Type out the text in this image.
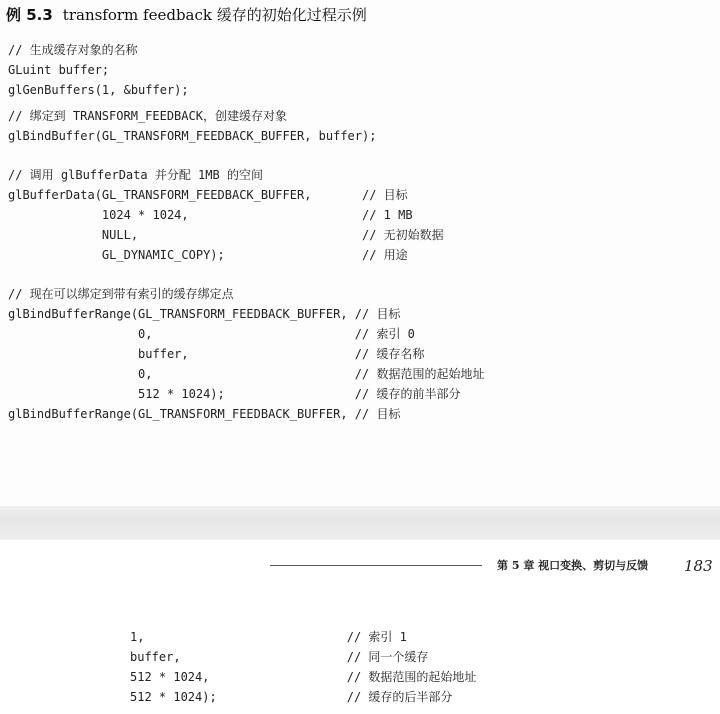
例 5.3 transform feedback 缓存的初始化过程示例
// 生成缓存对象的名称
GLuint buffer;
glGenBuffers(1, &buffer);
// 绑定到 TRANSFORM_FEEDBACK，创建缓存对象
glBindBuffer(GL_TRANSFORM_FEEDBACK_BUFFER, buffer);
// 调用 glBufferData 并分配 1MB 的空间
glBufferData(GL_TRANSFORM_FEEDBACK_BUFFER,       // 目标
1024 * 1024,                        // 1 MB
NULL,                               // 无初始数据
GL_DYNAMIC_COPY);                   // 用途
// 现在可以绑定到带有索引的缓存绑定点
glBindBufferRange(GL_TRANSFORM_FEEDBACK_BUFFER, // 目标
0,                            // 索引 0
buffer,                       // 缓存名称
0,                            // 数据范围的起始地址
512 * 1024);                  // 缓存的前半部分
glBindBufferRange(GL_TRANSFORM_FEEDBACK_BUFFER, // 目标
第 5 章 视口变换、剪切与反馈 183
1,                            // 索引 1
buffer,                       // 同一个缓存
512 * 1024,                   // 数据范围的起始地址
512 * 1024);                  // 缓存的后半部分
